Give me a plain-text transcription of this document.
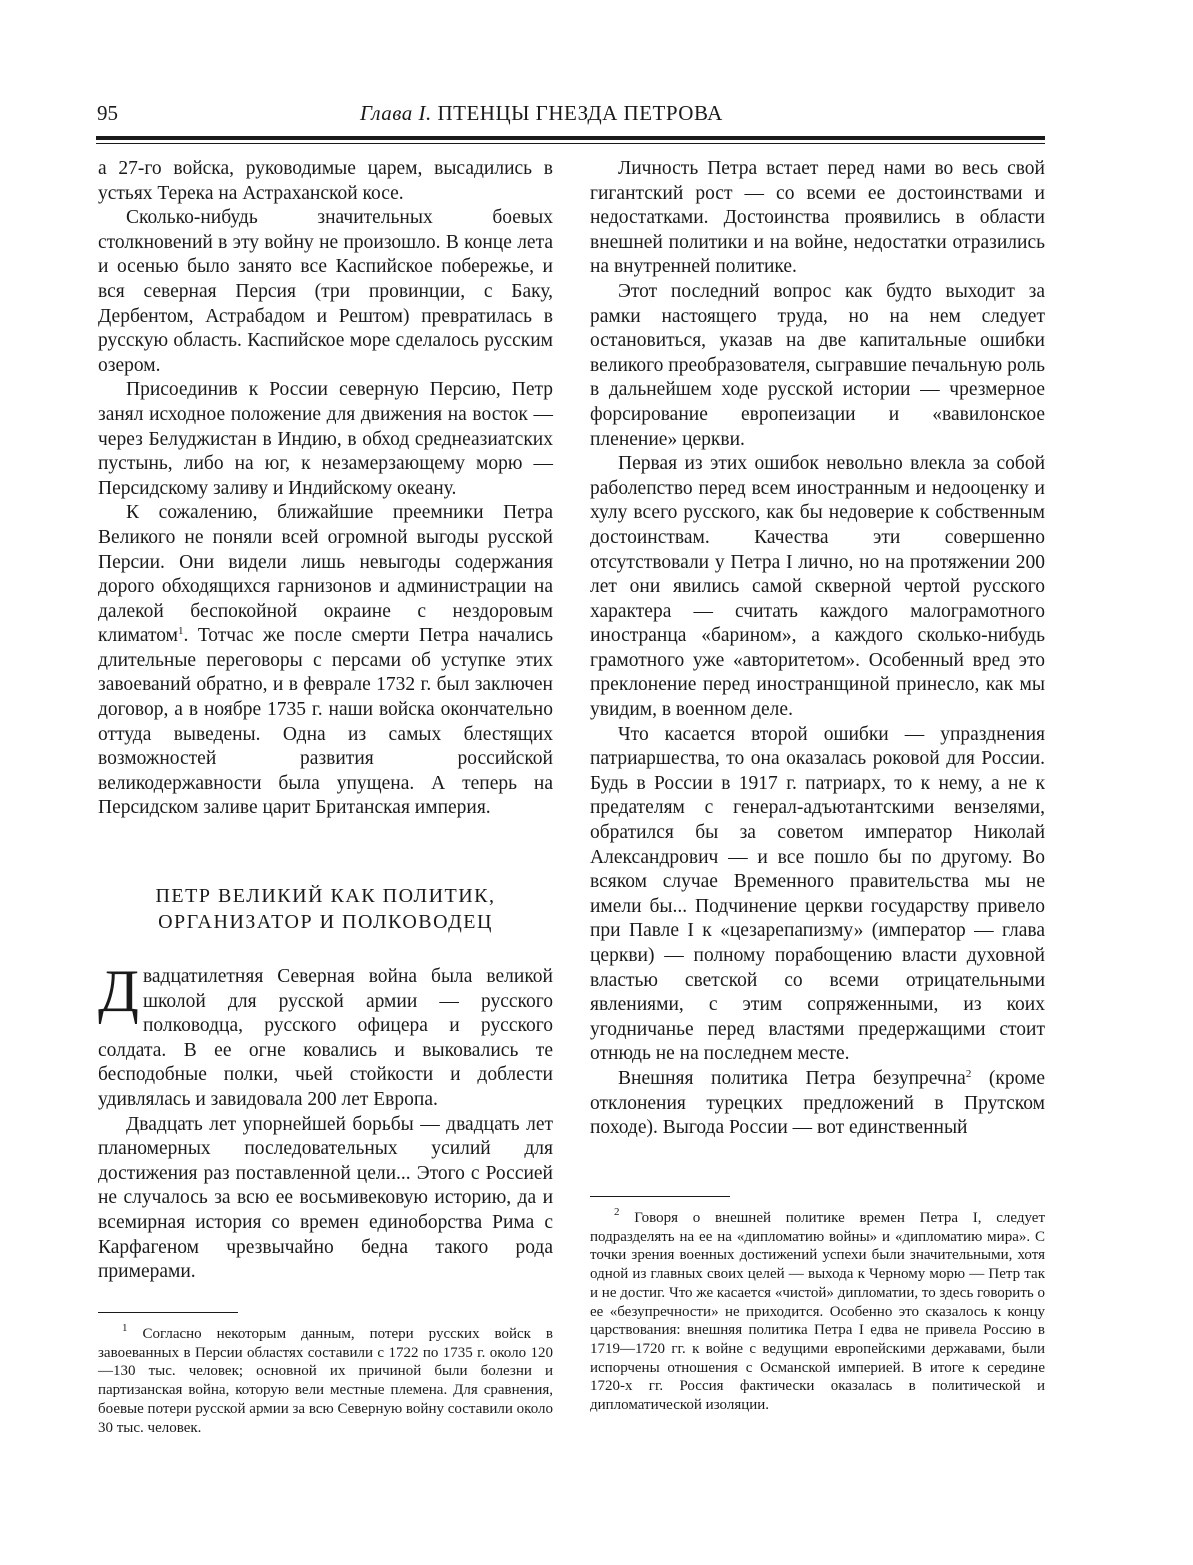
95	Глава I. ПТЕНЦЫ ГНЕЗДА ПЕТРОВА

а 27-го войска, руководимые царем, высадились в устьях Терека на Астраханской косе.

Сколько-нибудь значительных боевых столкновений в эту войну не произошло. В конце лета и осенью было занято все Каспийское побережье, и вся северная Персия (три провинции, с Баку, Дербентом, Астрабадом и Рештом) превратилась в русскую область. Каспийское море сделалось русским озером.

Присоединив к России северную Персию, Петр занял исходное положение для движения на восток — через Белуджистан в Индию, в обход среднеазиатских пустынь, либо на юг, к незамерзающему морю — Персидскому заливу и Индийскому океану.

К сожалению, ближайшие преемники Петра Великого не поняли всей огромной выгоды русской Персии. Они видели лишь невыгоды содержания дорого обходящихся гарнизонов и администрации на далекой беспокойной окраине с нездоровым климатом$^1$. Тотчас же после смерти Петра начались длительные переговоры с персами об уступке этих завоеваний обратно, и в феврале 1732 г. был заключен договор, а в ноябре 1735 г. наши войска окончательно оттуда выведены. Одна из самых блестящих возможностей развития российской великодержавности была упущена. А теперь на Персидском заливе царит Британская империя.

ПЕТР ВЕЛИКИЙ КАК ПОЛИТИК,
ОРГАНИЗАТОР И ПОЛКОВОДЕЦ

Двадцатилетняя Северная война была великой школой для русской армии — русского полководца, русского офицера и русского солдата. В ее огне ковались и выковались те бесподобные полки, чьей стойкости и доблести удивлялась и завидовала 200 лет Европа.

Двадцать лет упорнейшей борьбы — двадцать лет планомерных последовательных усилий для достижения раз поставленной цели... Этого с Россией не случалось за всю ее восьмивековую историю, да и всемирная история со времен единоборства Рима с Карфагеном чрезвычайно бедна такого рода примерами.

$^1$ Согласно некоторым данным, потери русских войск в завоеванных в Персии областях составили с 1722 по 1735 г. около 120—130 тыс. человек; основной их причиной были болезни и партизанская война, которую вели местные племена. Для сравнения, боевые потери русской армии за всю Северную войну составили около 30 тыс. человек.

Личность Петра встает перед нами во весь свой гигантский рост — со всеми ее достоинствами и недостатками. Достоинства проявились в области внешней политики и на войне, недостатки отразились на внутренней политике.

Этот последний вопрос как будто выходит за рамки настоящего труда, но на нем следует остановиться, указав на две капитальные ошибки великого преобразователя, сыгравшие печальную роль в дальнейшем ходе русской истории — чрезмерное форсирование европеизации и «вавилонское пленение» церкви.

Первая из этих ошибок невольно влекла за собой раболепство перед всем иностранным и недооценку и хулу всего русского, как бы недоверие к собственным достоинствам. Качества эти совершенно отсутствовали у Петра I лично, но на протяжении 200 лет они явились самой скверной чертой русского характера — считать каждого малограмотного иностранца «барином», а каждого сколько-нибудь грамотного уже «авторитетом». Особенный вред это преклонение перед иностранщиной принесло, как мы увидим, в военном деле.

Что касается второй ошибки — упразднения патриаршества, то она оказалась роковой для России. Будь в России в 1917 г. патриарх, то к нему, а не к предателям с генерал-адъютантскими вензелями, обратился бы за советом император Николай Александрович — и все пошло бы по другому. Во всяком случае Временного правительства мы не имели бы... Подчинение церкви государству привело при Павле I к «цезарепапизму» (император — глава церкви) — полному порабощению власти духовной властью светской со всеми отрицательными явлениями, с этим сопряженными, из коих угодничанье перед властями предержащими стоит отнюдь не на последнем месте.

Внешняя политика Петра безупречна$^2$ (кроме отклонения турецких предложений в Прутском походе). Выгода России — вот единственный

$^2$ Говоря о внешней политике времен Петра I, следует подразделять на ее на «дипломатию войны» и «дипломатию мира». С точки зрения военных достижений успехи были значительными, хотя одной из главных своих целей — выхода к Черному морю — Петр так и не достиг. Что же касается «чистой» дипломатии, то здесь говорить о ее «безупречности» не приходится. Особенно это сказалось к концу царствования: внешняя политика Петра I едва не привела Россию в 1719—1720 гг. к войне с ведущими европейскими державами, были испорчены отношения с Османской империей. В итоге к середине 1720-х гг. Россия фактически оказалась в политической и дипломатической изоляции.
